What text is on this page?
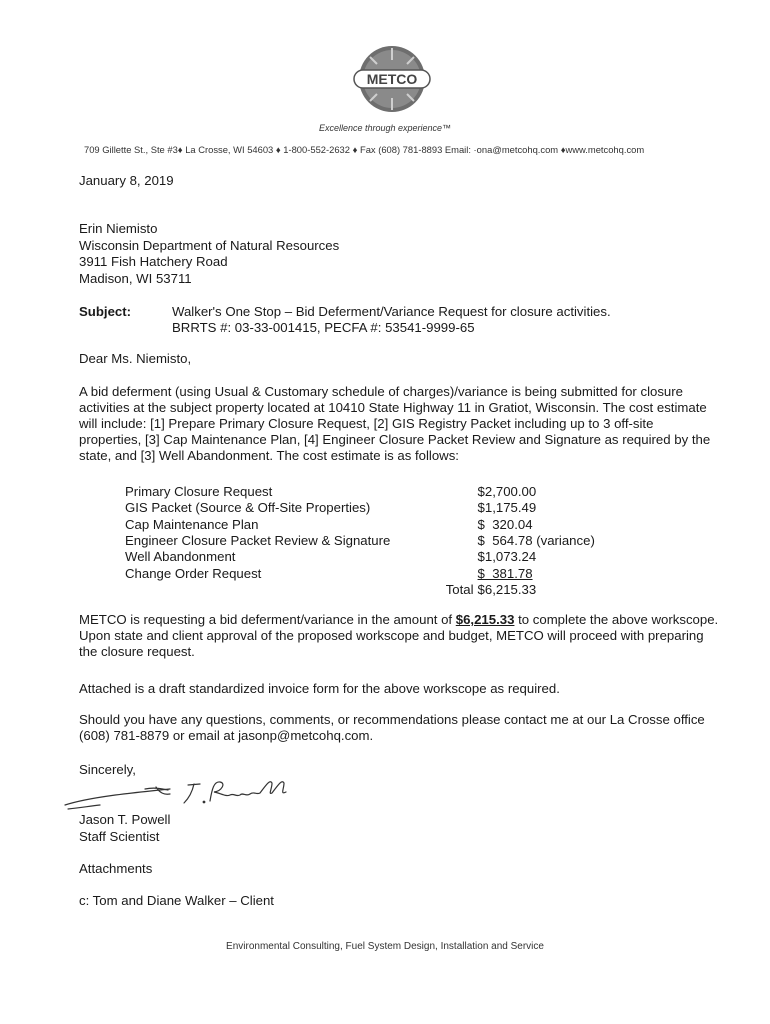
METCO
Excellence through experience™
709 Gillette St., Ste #3♦ La Crosse, WI 54603 ♦ 1-800-552-2632 ♦ Fax (608) 781-8893 Email: ·ona@metcohq.com ♦www.metcohq.com
January 8, 2019
Erin Niemisto
Wisconsin Department of Natural Resources
3911 Fish Hatchery Road
Madison, WI 53711
Subject:	Walker's One Stop – Bid Deferment/Variance Request for closure activities.
BRRTS #: 03-33-001415, PECFA #: 53541-9999-65
Dear Ms. Niemisto,
A bid deferment (using Usual & Customary schedule of charges)/variance is being submitted for closure activities at the subject property located at 10410 State Highway 11 in Gratiot, Wisconsin. The cost estimate will include: [1] Prepare Primary Closure Request, [2] GIS Registry Packet including up to 3 off-site properties, [3] Cap Maintenance Plan, [4] Engineer Closure Packet Review and Signature as required by the state, and [3] Well Abandonment. The cost estimate is as follows:
Primary Closure Request	$2,700.00
GIS Packet (Source & Off-Site Properties)	$1,175.49
Cap Maintenance Plan	$  320.04
Engineer Closure Packet Review & Signature	$  564.78 (variance)
Well Abandonment	$1,073.24
Change Order Request	$  381.78
Total	$6,215.33
METCO is requesting a bid deferment/variance in the amount of $6,215.33 to complete the above workscope. Upon state and client approval of the proposed workscope and budget, METCO will proceed with preparing the closure request.
Attached is a draft standardized invoice form for the above workscope as required.
Should you have any questions, comments, or recommendations please contact me at our La Crosse office (608) 781-8879 or email at jasonp@metcohq.com.
Sincerely,
Jason T. Powell
Staff Scientist
Attachments
c: Tom and Diane Walker – Client
Environmental Consulting, Fuel System Design, Installation and Service
